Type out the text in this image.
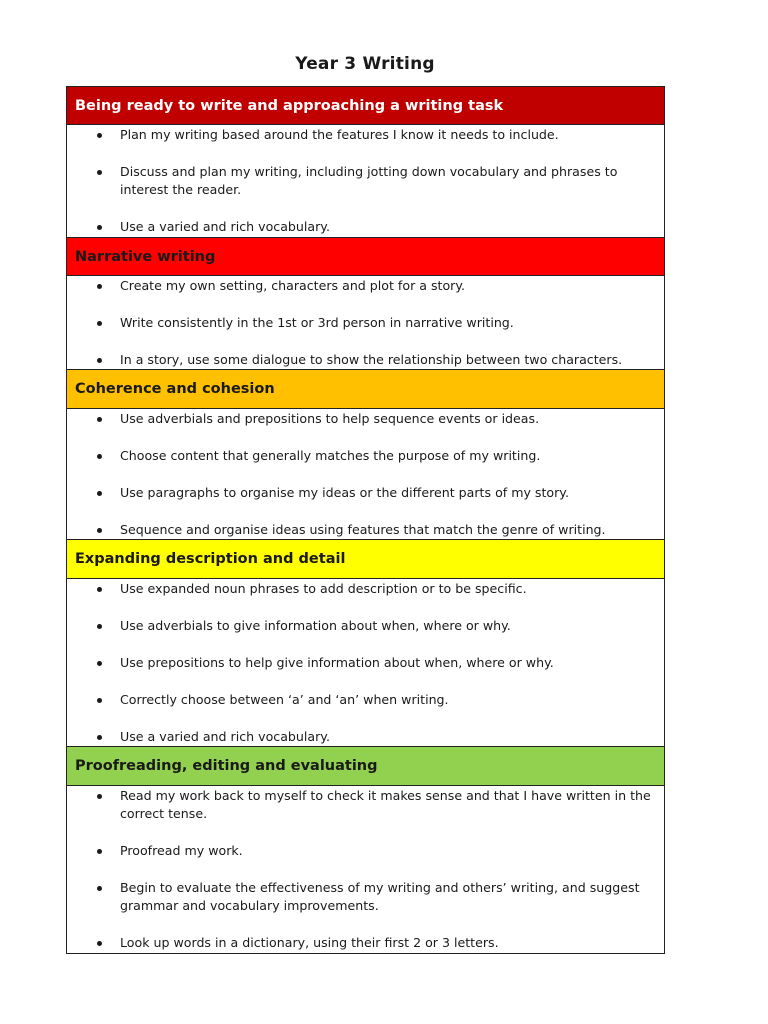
Year 3 Writing
Being ready to write and approaching a writing task

Plan my writing based around the features I know it needs to include.

Discuss and plan my writing, including jotting down vocabulary and phrases to interest the reader.

Use a varied and rich vocabulary.

Narrative writing

Create my own setting, characters and plot for a story.

Write consistently in the 1st or 3rd person in narrative writing.

In a story, use some dialogue to show the relationship between two characters.

Coherence and cohesion

Use adverbials and prepositions to help sequence events or ideas.

Choose content that generally matches the purpose of my writing.

Use paragraphs to organise my ideas or the different parts of my story.

Sequence and organise ideas using features that match the genre of writing.

Expanding description and detail

Use expanded noun phrases to add description or to be specific.

Use adverbials to give information about when, where or why.

Use prepositions to help give information about when, where or why.

Correctly choose between ‘a’ and ‘an’ when writing.

Use a varied and rich vocabulary.

Proofreading, editing and evaluating

Read my work back to myself to check it makes sense and that I have written in the correct tense.

Proofread my work.

Begin to evaluate the effectiveness of my writing and others’ writing, and suggest grammar and vocabulary improvements.

Look up words in a dictionary, using their first 2 or 3 letters.
